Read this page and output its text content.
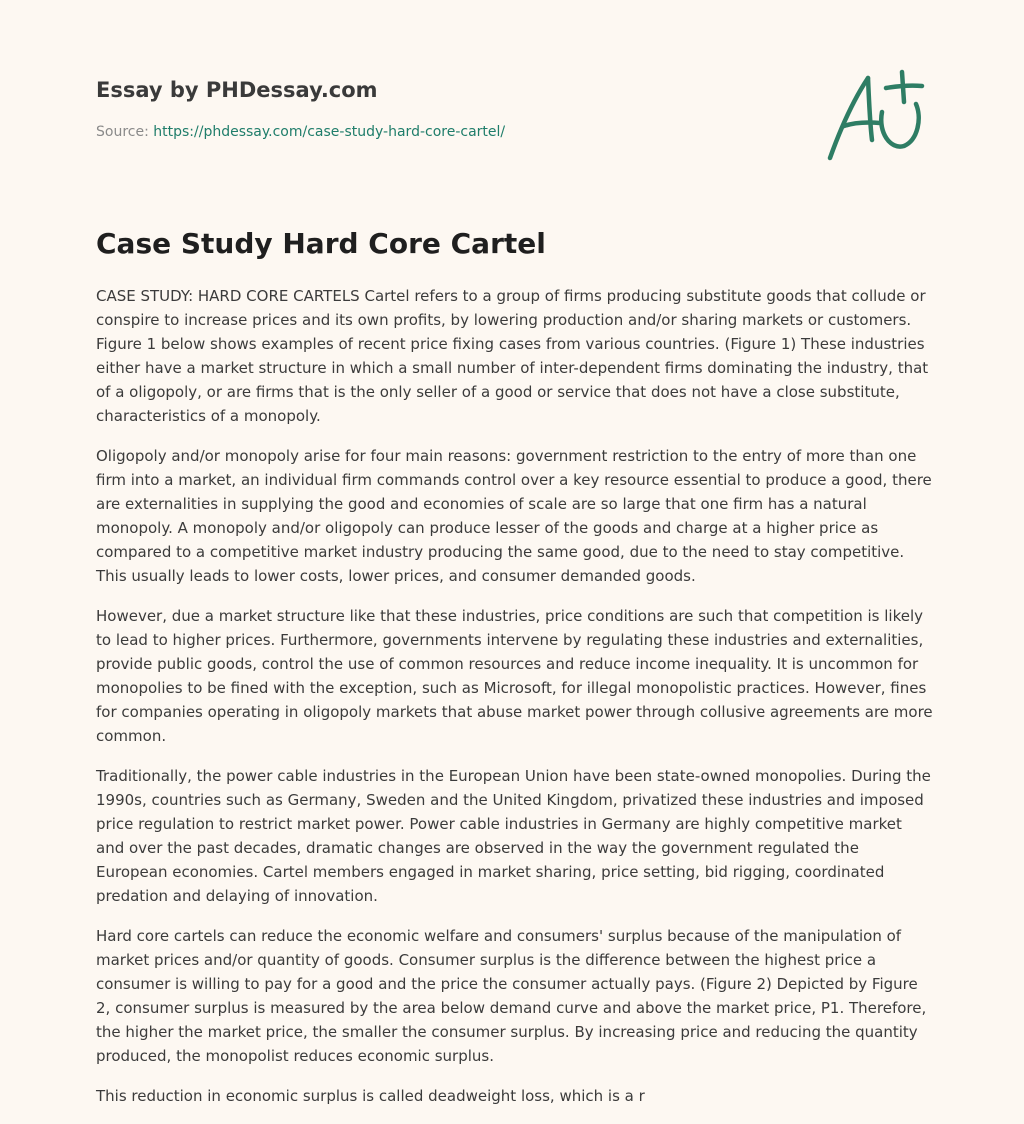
Essay by PHDessay.com
Source: https://phdessay.com/case-study-hard-core-cartel/
Case Study Hard Core Cartel

CASE STUDY: HARD CORE CARTELS Cartel refers to a group of firms producing substitute goods that collude or conspire to increase prices and its own profits, by lowering production and/or sharing markets or customers. Figure 1 below shows examples of recent price fixing cases from various countries. (Figure 1) These industries either have a market structure in which a small number of inter-dependent firms dominating the industry, that of a oligopoly, or are firms that is the only seller of a good or service that does not have a close substitute, characteristics of a monopoly.

Oligopoly and/or monopoly arise for four main reasons: government restriction to the entry of more than one firm into a market, an individual firm commands control over a key resource essential to produce a good, there are externalities in supplying the good and economies of scale are so large that one firm has a natural monopoly. A monopoly and/or oligopoly can produce lesser of the goods and charge at a higher price as compared to a competitive market industry producing the same good, due to the need to stay competitive. This usually leads to lower costs, lower prices, and consumer demanded goods.

However, due a market structure like that these industries, price conditions are such that competition is likely to lead to higher prices. Furthermore, governments intervene by regulating these industries and externalities, provide public goods, control the use of common resources and reduce income inequality. It is uncommon for monopolies to be fined with the exception, such as Microsoft, for illegal monopolistic practices. However, fines for companies operating in oligopoly markets that abuse market power through collusive agreements are more common.

Traditionally, the power cable industries in the European Union have been state-owned monopolies. During the 1990s, countries such as Germany, Sweden and the United Kingdom, privatized these industries and imposed price regulation to restrict market power. Power cable industries in Germany are highly competitive market and over the past decades, dramatic changes are observed in the way the government regulated the European economies. Cartel members engaged in market sharing, price setting, bid rigging, coordinated predation and delaying of innovation.

Hard core cartels can reduce the economic welfare and consumers' surplus because of the manipulation of market prices and/or quantity of goods. Consumer surplus is the difference between the highest price a consumer is willing to pay for a good and the price the consumer actually pays. (Figure 2) Depicted by Figure 2, consumer surplus is measured by the area below demand curve and above the market price, P1. Therefore, the higher the market price, the smaller the consumer surplus. By increasing price and reducing the quantity produced, the monopolist reduces economic surplus.

This reduction in economic surplus is called deadweight loss, which is a r
